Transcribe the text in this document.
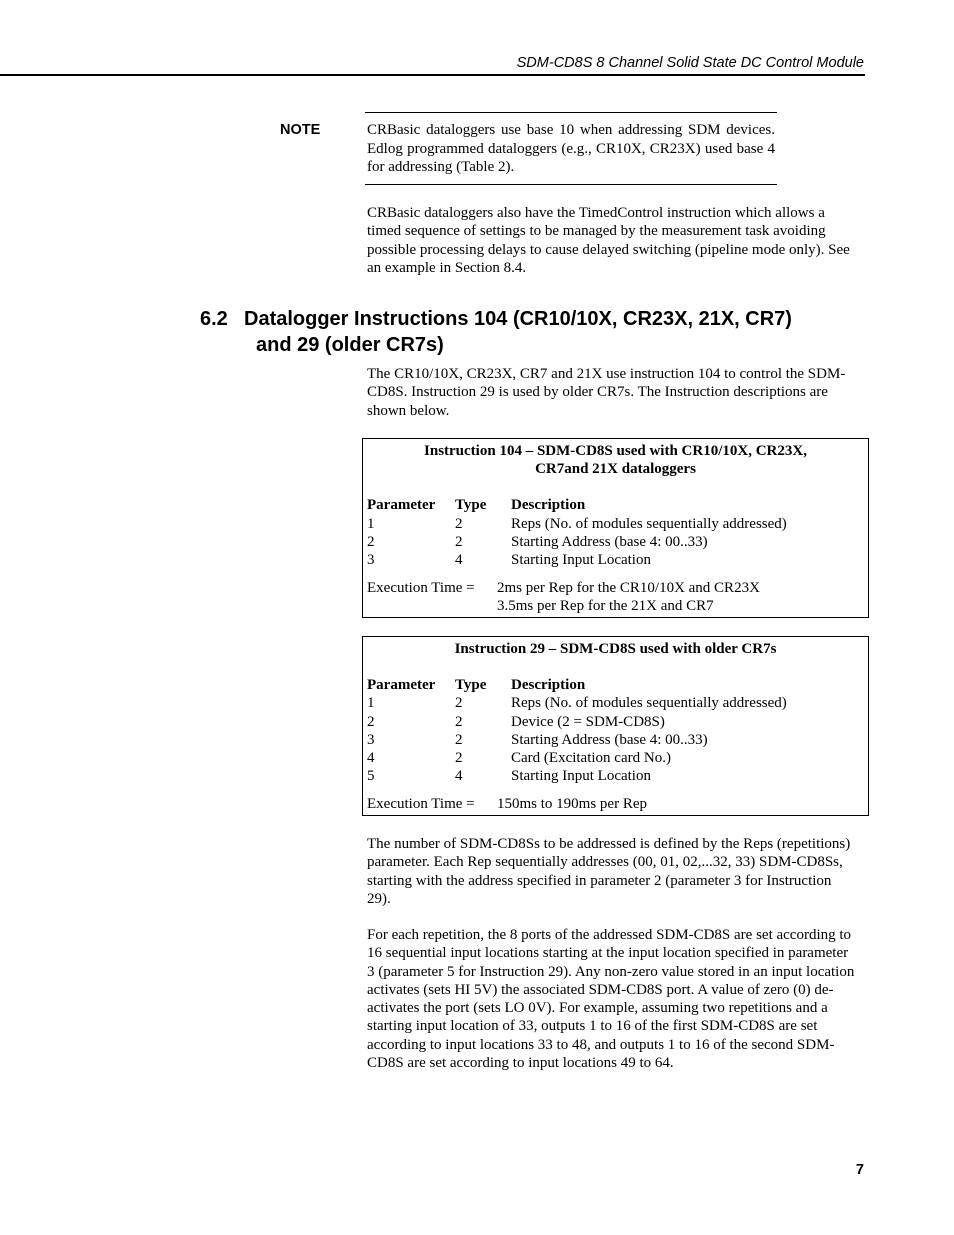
SDM-CD8S 8 Channel Solid State DC Control Module
NOTE	CRBasic dataloggers use base 10 when addressing SDM devices. Edlog programmed dataloggers (e.g., CR10X, CR23X) used base 4 for addressing (Table 2).

CRBasic dataloggers also have the TimedControl instruction which allows a timed sequence of settings to be managed by the measurement task avoiding possible processing delays to cause delayed switching (pipeline mode only). See an example in Section 8.4.

6.2 Datalogger Instructions 104 (CR10/10X, CR23X, 21X, CR7)
and 29 (older CR7s)

The CR10/10X, CR23X, CR7 and 21X use instruction 104 to control the SDM-CD8S. Instruction 29 is used by older CR7s. The Instruction descriptions are shown below.

Instruction 104 – SDM-CD8S used with CR10/10X, CR23X,
CR7and 21X dataloggers

Parameter	Type	Description
1	2	Reps (No. of modules sequentially addressed)
2	2	Starting Address (base 4: 00..33)
3	4	Starting Input Location
Execution Time =	2ms per Rep for the CR10/10X and CR23X
3.5ms per Rep for the 21X and CR7

Instruction 29 – SDM-CD8S used with older CR7s

Parameter	Type	Description
1	2	Reps (No. of modules sequentially addressed)
2	2	Device (2 = SDM-CD8S)
3	2	Starting Address (base 4: 00..33)
4	2	Card (Excitation card No.)
5	4	Starting Input Location
Execution Time =	150ms to 190ms per Rep

The number of SDM-CD8Ss to be addressed is defined by the Reps (repetitions) parameter. Each Rep sequentially addresses (00, 01, 02,...32, 33) SDM-CD8Ss, starting with the address specified in parameter 2 (parameter 3 for Instruction 29).

For each repetition, the 8 ports of the addressed SDM-CD8S are set according to 16 sequential input locations starting at the input location specified in parameter 3 (parameter 5 for Instruction 29). Any non-zero value stored in an input location activates (sets HI 5V) the associated SDM-CD8S port. A value of zero (0) de-activates the port (sets LO 0V). For example, assuming two repetitions and a starting input location of 33, outputs 1 to 16 of the first SDM-CD8S are set according to input locations 33 to 48, and outputs 1 to 16 of the second SDM-CD8S are set according to input locations 49 to 64.

7
